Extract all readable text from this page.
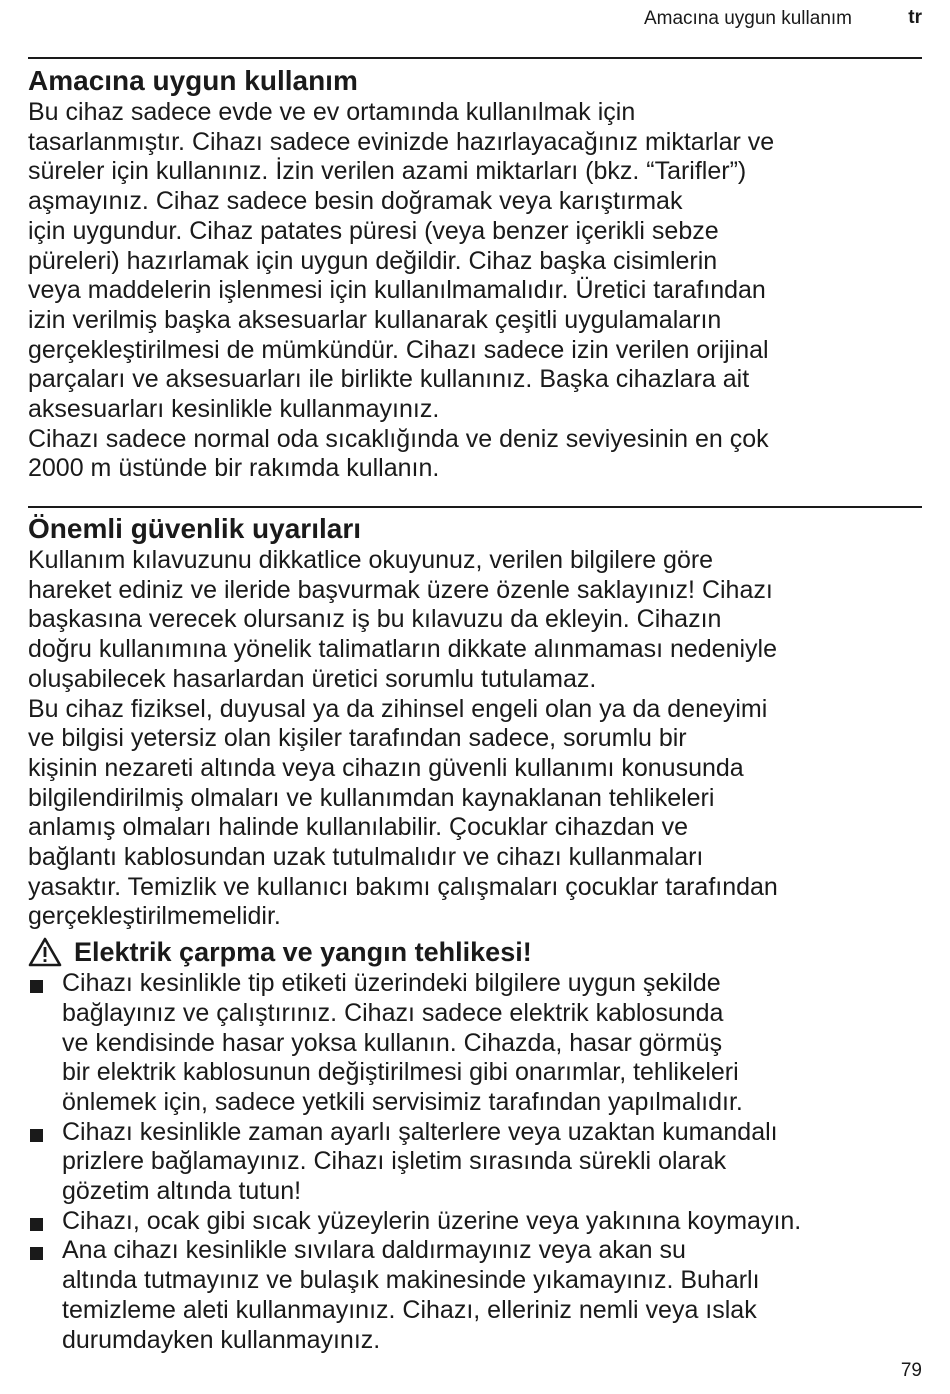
Amacına uygun kullanım	tr
Amacına uygun kullanım

Bu cihaz sadece evde ve ev ortamında kullanılmak için
tasarlanmıştır. Cihazı sadece evinizde hazırlayacağınız miktarlar ve
süreler için kullanınız. İzin verilen azami miktarları (bkz. “Tarifler”)
aşmayınız. Cihaz sadece besin doğramak veya karıştırmak
için uygundur. Cihaz patates püresi (veya benzer içerikli sebze
püreleri) hazırlamak için uygun değildir. Cihaz başka cisimlerin
veya maddelerin işlenmesi için kullanılmamalıdır. Üretici tarafından
izin verilmiş başka aksesuarlar kullanarak çeşitli uygulamaların
gerçekleştirilmesi de mümkündür. Cihazı sadece izin verilen orijinal
parçaları ve aksesuarları ile birlikte kullanınız. Başka cihazlara ait
aksesuarları kesinlikle kullanmayınız.

Cihazı sadece normal oda sıcaklığında ve deniz seviyesinin en çok
2000 m üstünde bir rakımda kullanın.

Önemli güvenlik uyarıları

Kullanım kılavuzunu dikkatlice okuyunuz, verilen bilgilere göre
hareket ediniz ve ileride başvurmak üzere özenle saklayınız! Cihazı
başkasına verecek olursanız iş bu kılavuzu da ekleyin. Cihazın
doğru kullanımına yönelik talimatların dikkate alınmaması nedeniyle
oluşabilecek hasarlardan üretici sorumlu tutulamaz.

Bu cihaz fiziksel, duyusal ya da zihinsel engeli olan ya da deneyimi
ve bilgisi yetersiz olan kişiler tarafından sadece, sorumlu bir
kişinin nezareti altında veya cihazın güvenli kullanımı konusunda
bilgilendirilmiş olmaları ve kullanımdan kaynaklanan tehlikeleri
anlamış olmaları halinde kullanılabilir. Çocuklar cihazdan ve
bağlantı kablosundan uzak tutulmalıdır ve cihazı kullanmaları
yasaktır. Temizlik ve kullanıcı bakımı çalışmaları çocuklar tarafından
gerçekleştirilmemelidir.

Elektrik çarpma ve yangın tehlikesi!
Cihazı kesinlikle tip etiketi üzerindeki bilgilere uygun şekilde
bağlayınız ve çalıştırınız. Cihazı sadece elektrik kablosunda
ve kendisinde hasar yoksa kullanın. Cihazda, hasar görmüş
bir elektrik kablosunun değiştirilmesi gibi onarımlar, tehlikeleri
önlemek için, sadece yetkili servisimiz tarafından yapılmalıdır.
Cihazı kesinlikle zaman ayarlı şalterlere veya uzaktan kumandalı
prizlere bağlamayınız. Cihazı işletim sırasında sürekli olarak
gözetim altında tutun!
Cihazı, ocak gibi sıcak yüzeylerin üzerine veya yakınına koymayın.
Ana cihazı kesinlikle sıvılara daldırmayınız veya akan su
altında tutmayınız ve bulaşık makinesinde yıkamayınız. Buharlı
temizleme aleti kullanmayınız. Cihazı, elleriniz nemli veya ıslak
durumdayken kullanmayınız.
79
